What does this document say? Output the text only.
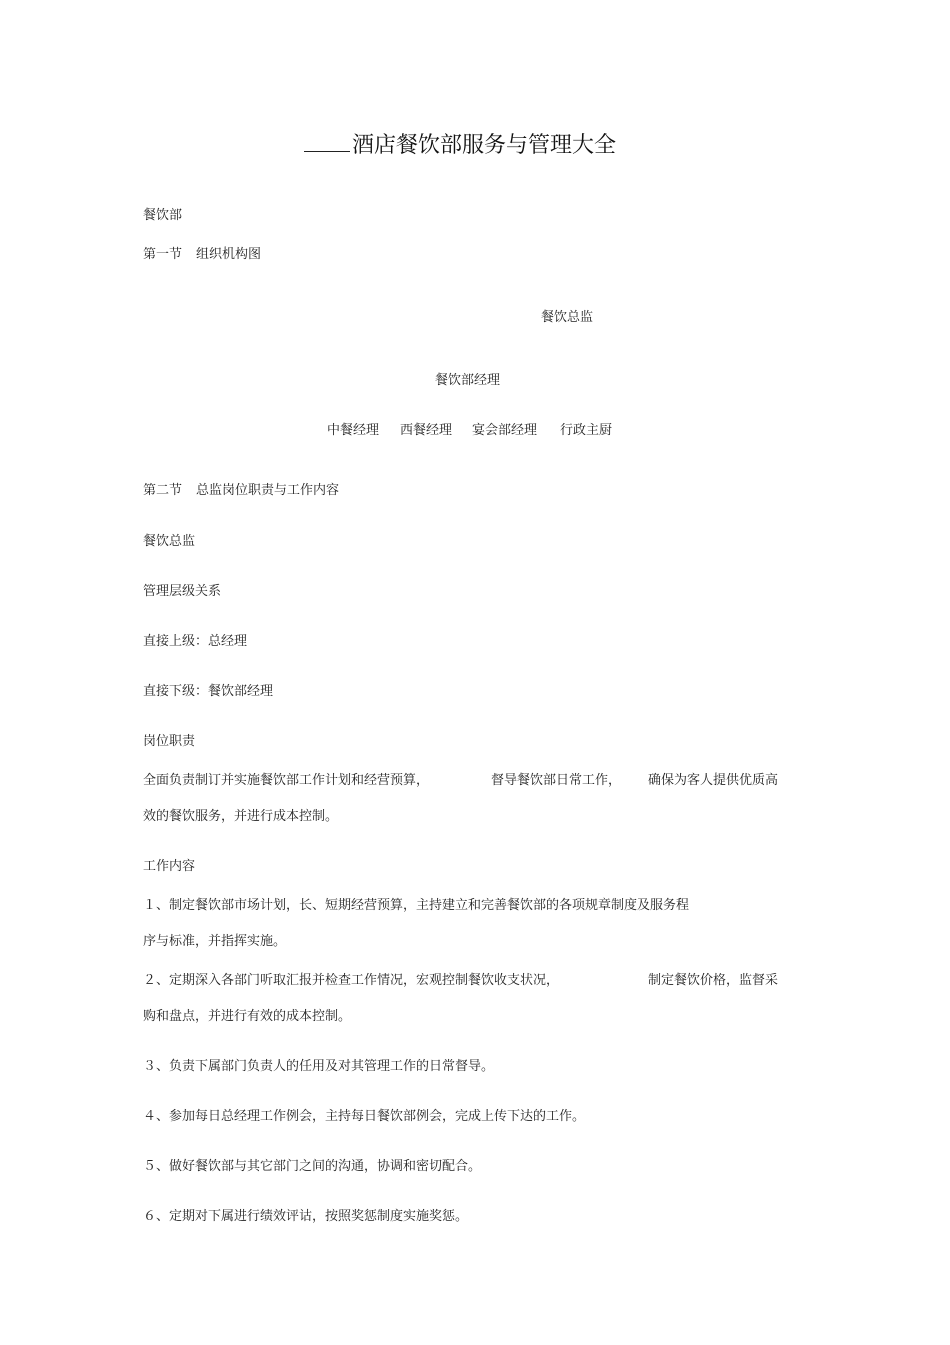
酒店餐饮部服务与管理大全
餐饮部
第一节 组织机构图
餐饮总监
餐饮部经理
中餐经理 西餐经理 宴会部经理 行政主厨
第二节 总监岗位职责与工作内容
餐饮总监
管理层级关系
直接上级：总经理
直接下级：餐饮部经理
岗位职责
全面负责制订并实施餐饮部工作计划和经营预算，	督导餐饮部日常工作， 确保为客人提供优质高
效的餐饮服务，并进行成本控制。
工作内容
１、制定餐饮部市场计划，长、短期经营预算，主持建立和完善餐饮部的各项规章制度及服务程
序与标准，并指挥实施。
２、定期深入各部门听取汇报并检查工作情况，宏观控制餐饮收支状况，	制定餐饮价格，监督采
购和盘点，并进行有效的成本控制。
３、负责下属部门负责人的任用及对其管理工作的日常督导。
４、参加每日总经理工作例会，主持每日餐饮部例会，完成上传下达的工作。
５、做好餐饮部与其它部门之间的沟通，协调和密切配合。
６、定期对下属进行绩效评诂，按照奖惩制度实施奖惩。
